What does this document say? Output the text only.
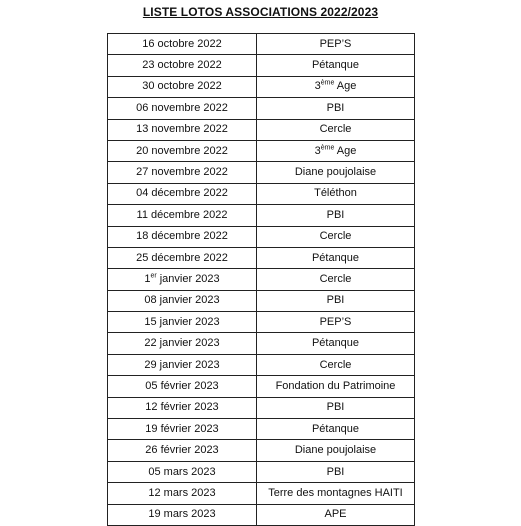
LISTE LOTOS ASSOCIATIONS 2022/2023
16 octobre 2022	PEP’S
23 octobre 2022	Pétanque
30 octobre 2022	3ème Age
06 novembre 2022	PBI
13 novembre 2022	Cercle
20 novembre 2022	3ème Age
27 novembre 2022	Diane poujolaise
04 décembre 2022	Téléthon
11 décembre 2022	PBI
18 décembre 2022	Cercle
25 décembre 2022	Pétanque
1er janvier 2023	Cercle
08 janvier 2023	PBI
15 janvier 2023	PEP’S
22 janvier 2023	Pétanque
29 janvier 2023	Cercle
05 février 2023	Fondation du Patrimoine
12 février 2023	PBI
19 février 2023	Pétanque
26 février 2023	Diane poujolaise
05 mars 2023	PBI
12 mars 2023	Terre des montagnes HAITI
19 mars 2023	APE
